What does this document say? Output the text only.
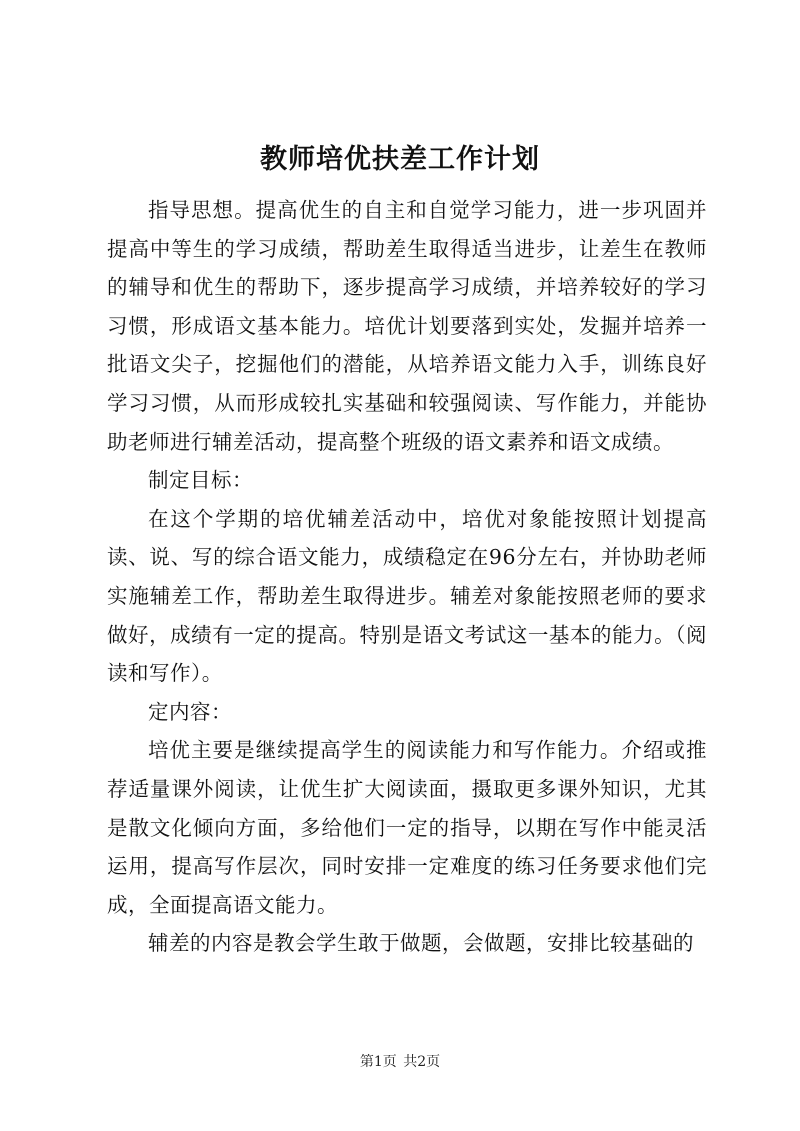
教师培优扶差工作计划

指导思想。提高优生的自主和自觉学习能力，进一步巩固并提高中等生的学习成绩，帮助差生取得适当进步，让差生在教师的辅导和优生的帮助下，逐步提高学习成绩，并培养较好的学习习惯，形成语文基本能力。培优计划要落到实处，发掘并培养一批语文尖子，挖掘他们的潜能，从培养语文能力入手，训练良好学习习惯，从而形成较扎实基础和较强阅读、写作能力，并能协助老师进行辅差活动，提高整个班级的语文素养和语文成绩。

制定目标：

在这个学期的培优辅差活动中，培优对象能按照计划提高读、说、写的综合语文能力，成绩稳定在96分左右，并协助老师实施辅差工作，帮助差生取得进步。辅差对象能按照老师的要求做好，成绩有一定的提高。特别是语文考试这一基本的能力。（阅读和写作）。

定内容：

培优主要是继续提高学生的阅读能力和写作能力。介绍或推荐适量课外阅读，让优生扩大阅读面，摄取更多课外知识，尤其是散文化倾向方面，多给他们一定的指导，以期在写作中能灵活运用，提高写作层次，同时安排一定难度的练习任务要求他们完成，全面提高语文能力。

辅差的内容是教会学生敢于做题，会做题，安排比较基础的

第1页 共2页
